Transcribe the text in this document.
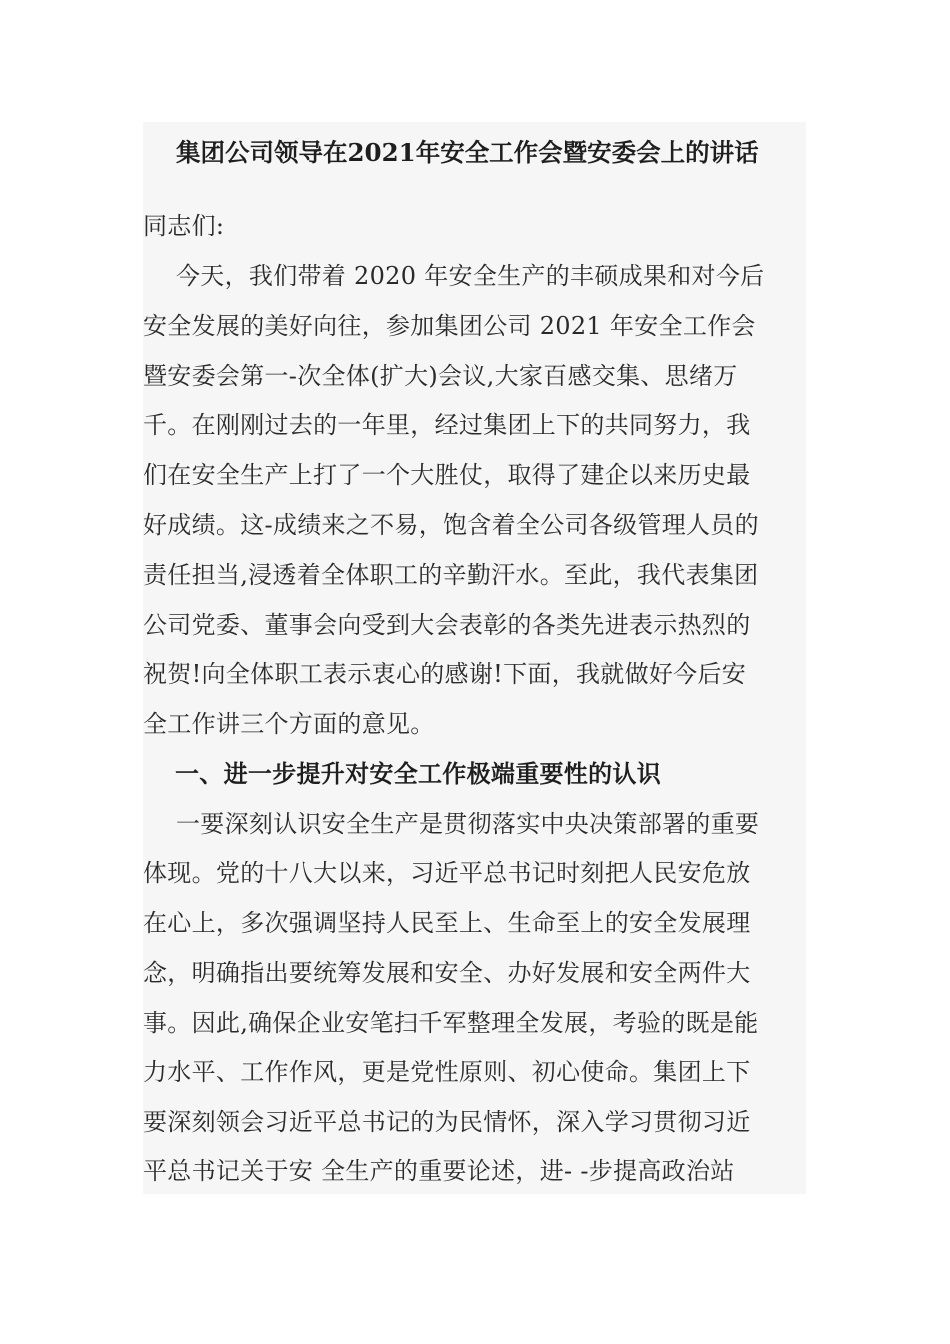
集团公司领导在2021年安全工作会暨安委会上的讲话

同志们:

今天，我们带着 2020 年安全生产的丰硕成果和对今后

安全发展的美好向往，参加集团公司 2021 年安全工作会

暨安委会第一-次全体(扩大)会议,大家百感交集、思绪万

千。在刚刚过去的一年里，经过集团上下的共同努力，我

们在安全生产上打了一个大胜仗，取得了建企以来历史最

好成绩。这-成绩来之不易，饱含着全公司各级管理人员的

责任担当,浸透着全体职工的辛勤汗水。至此，我代表集团

公司党委、董事会向受到大会表彰的各类先进表示热烈的

祝贺!向全体职工表示衷心的感谢!下面，我就做好今后安

全工作讲三个方面的意见。

一、进一步提升对安全工作极端重要性的认识

一要深刻认识安全生产是贯彻落实中央决策部署的重要

体现。党的十八大以来，习近平总书记时刻把人民安危放

在心上，多次强调坚持人民至上、生命至上的安全发展理

念，明确指出要统筹发展和安全、办好发展和安全两件大

事。因此,确保企业安笔扫千军整理全发展，考验的既是能

力水平、工作作风，更是党性原则、初心使命。集团上下

要深刻领会习近平总书记的为民情怀，深入学习贯彻习近

平总书记关于安 全生产的重要论述，进- -步提高政治站
